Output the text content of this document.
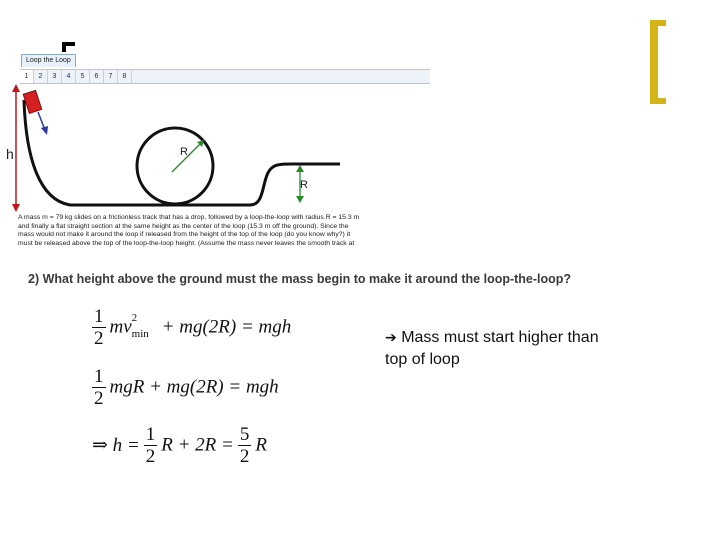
Loop the Loop
1	2	3	4	5	6	7	8
h	R
R
A mass m = 79 kg slides on a frictionless track that has a drop, followed by a loop-the-loop with radius R = 15.3 m
and finally a flat straight section at the same height as the center of the loop (15.3 m off the ground). Since the
mass would not make it around the loop if released from the height of the top of the loop (do you know why?) it
must be released above the top of the loop-the-loop height. (Assume the mass never leaves the smooth track at
2) What height above the ground must the mass begin to make it around the loop-the-loop?
$\frac{1}{2}$ mv 2
min + mg(2R) = mgh
$\frac{1}{2}$ mgR + mg(2R) = mgh
⇒ $h = \frac{1}{2}$ $R + 2R = \frac{5}{2}$ R
➔ Mass must start higher than top of loop
